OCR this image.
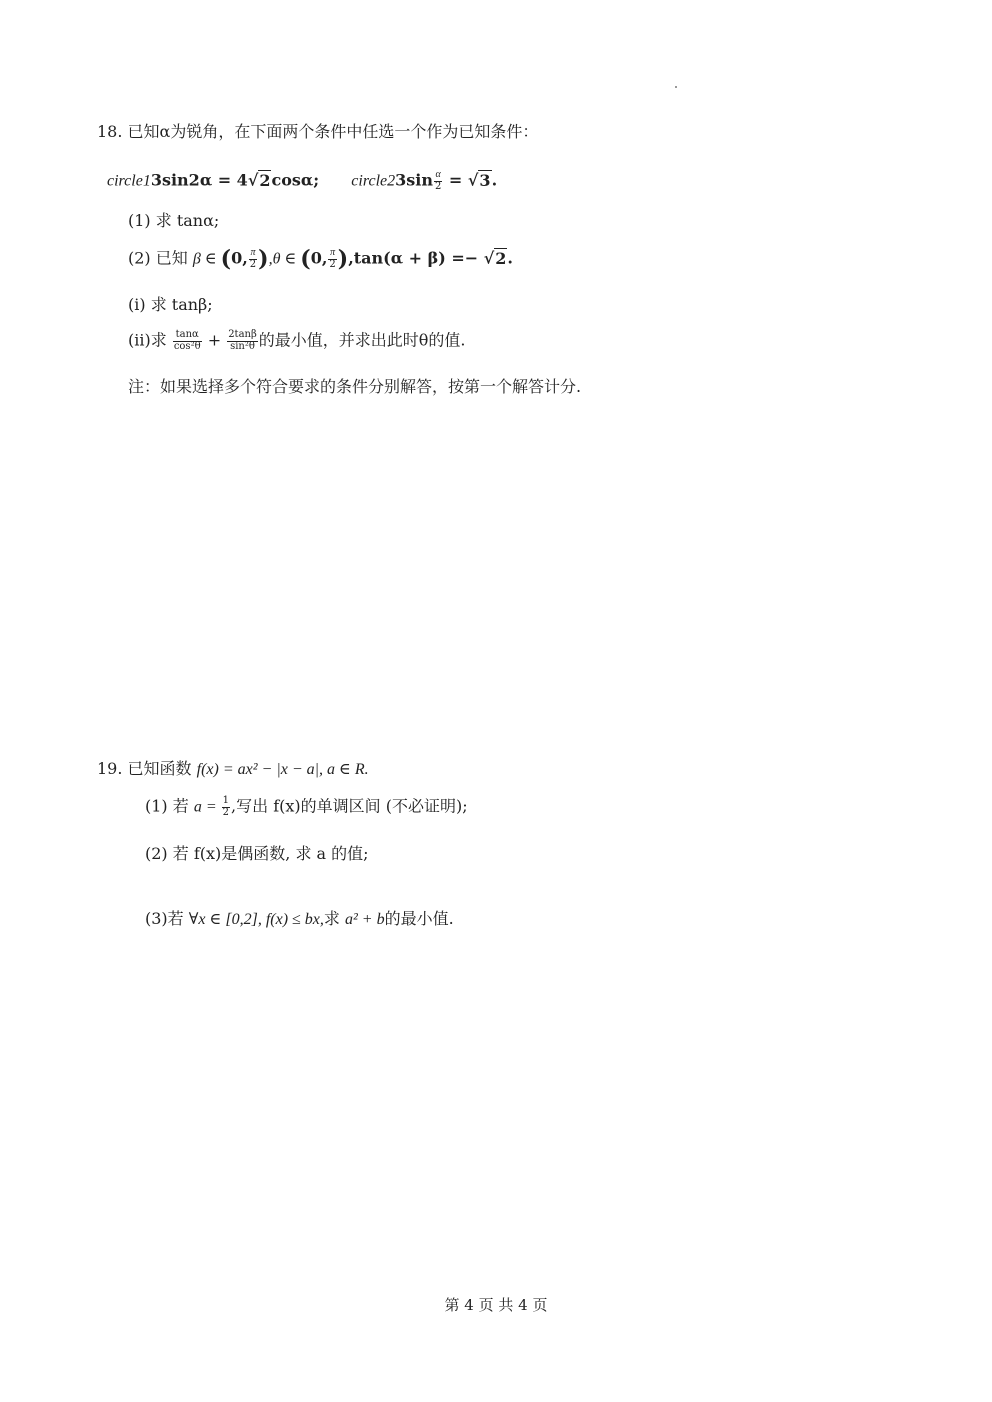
18. 已知α为锐角，在下面两个条件中任选一个作为已知条件：
circle13sin2α = 4√2cosα; circle23sin $\frac{\alpha}{2} = √3$.
(1) 求 tanα;
(2) 已知 β ∈ (0, $\frac{\pi}{2} ),\theta$ ∈ (0, $\frac{\pi}{2} ),\tan(\alpha + \beta) =- √2$.
(i) 求 tanβ;
(ii)求 $\frac{\tan\alpha}{\text{cos²θ}} + \frac{2\tan\beta}{\text{sin²θ}}$ 的最小值，并求出此时θ的值.
注：如果选择多个符合要求的条件分别解答，按第一个解答计分.
19. 已知函数 f(x) = ax² − |x − a|, a ∈ R.
(1) 若 $a = \frac{1}{2}$ ,写出 f(x)的单调区间 (不必证明);
(2) 若 f(x)是偶函数, 求 a 的值;
(3)若 ∀x ∈ [0,2], f(x) ≤ bx,求 a² + b的最小值.
第 4 页 共 4 页
